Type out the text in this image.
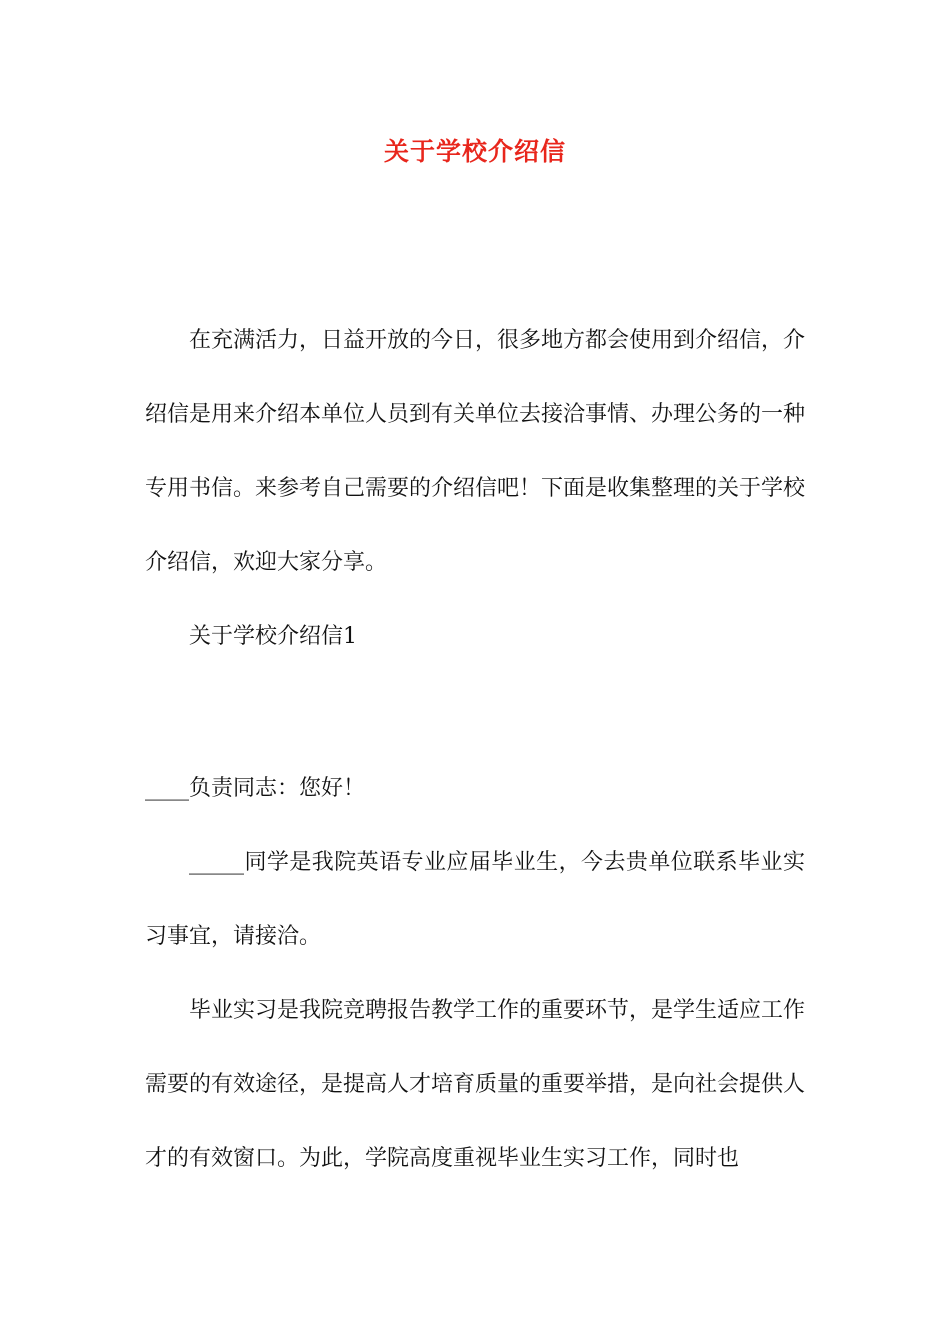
关于学校介绍信

在充满活力，日益开放的今日，很多地方都会使用到介绍信，介绍信是用来介绍本单位人员到有关单位去接洽事情、办理公务的一种专用书信。来参考自己需要的介绍信吧！下面是收集整理的关于学校介绍信，欢迎大家分享。

关于学校介绍信1

____负责同志：您好！

_____同学是我院英语专业应届毕业生，今去贵单位联系毕业实习事宜，请接洽。

毕业实习是我院竞聘报告教学工作的重要环节，是学生适应工作需要的有效途径，是提高人才培育质量的重要举措，是向社会提供人才的有效窗口。为此，学院高度重视毕业生实习工作，同时也
